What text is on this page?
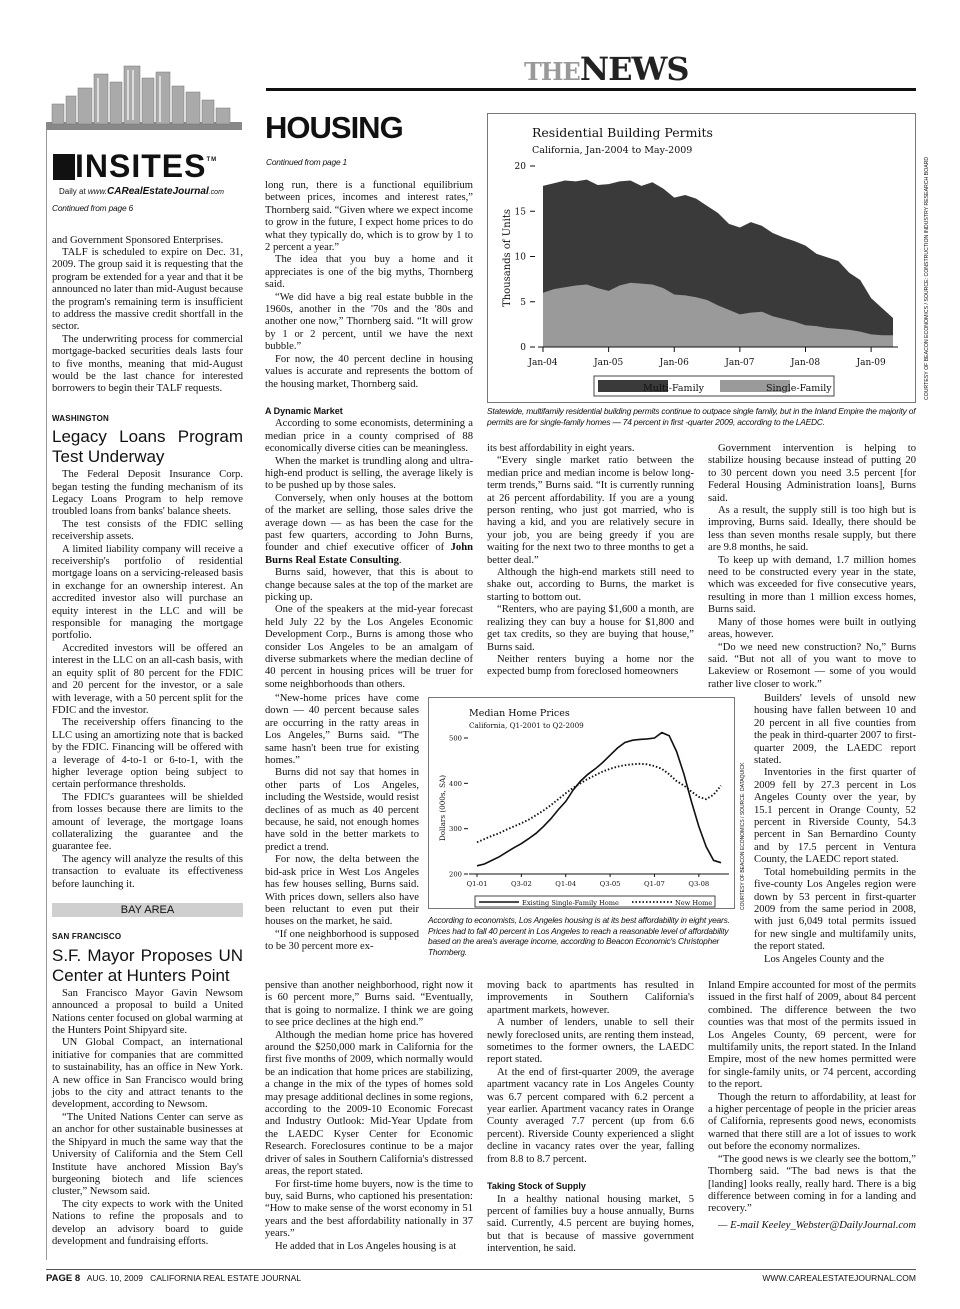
THENEWS
INSITES™
Daily at www.CARealEstateJournal.com
Continued from page 6

and Government Sponsored Enterprises.

TALF is scheduled to expire on Dec. 31, 2009. The group said it is requesting that the program be extended for a year and that it be announced no later than mid-August because the program's remaining term is insufficient to address the massive credit shortfall in the sector.

The underwriting process for commercial mortgage-backed securities deals lasts four to five months, meaning that mid-August would be the last chance for interested borrowers to begin their TALF requests.

WASHINGTON
Legacy Loans Program Test Underway

The Federal Deposit Insurance Corp. began testing the funding mechanism of its Legacy Loans Program to help remove troubled loans from banks' balance sheets.

The test consists of the FDIC selling receivership assets.

A limited liability company will receive a receivership's portfolio of residential mortgage loans on a servicing-released basis in exchange for an ownership interest. An accredited investor also will purchase an equity interest in the LLC and will be responsible for managing the mortgage portfolio.

Accredited investors will be offered an interest in the LLC on an all-cash basis, with an equity split of 80 percent for the FDIC and 20 percent for the investor, or a sale with leverage, with a 50 percent split for the FDIC and the investor.

The receivership offers financing to the LLC using an amortizing note that is backed by the FDIC. Financing will be offered with a leverage of 4-to-1 or 6-to-1, with the higher leverage option being subject to certain performance thresholds.

The FDIC's guarantees will be shielded from losses because there are limits to the amount of leverage, the mortgage loans collateralizing the guarantee and the guarantee fee.

The agency will analyze the results of this transaction to evaluate its effectiveness before launching it.

BAY AREA
SAN FRANCISCO
S.F. Mayor Proposes UN Center at Hunters Point

San Francisco Mayor Gavin Newsom announced a proposal to build a United Nations center focused on global warming at the Hunters Point Shipyard site.

UN Global Compact, an international initiative for companies that are committed to sustainability, has an office in New York. A new office in San Francisco would bring jobs to the city and attract tenants to the development, according to Newsom.

“The United Nations Center can serve as an anchor for other sustainable businesses at the Shipyard in much the same way that the University of California and the Stem Cell Institute have anchored Mission Bay's burgeoning biotech and life sciences cluster,” Newsom said.

The city expects to work with the United Nations to refine the proposals and to develop an advisory board to guide development and fundraising efforts.

HOUSING
Continued from page 1

long run, there is a functional equilibrium between prices, incomes and interest rates,” Thornberg said. “Given where we expect income to grow in the future, I expect home prices to do what they typically do, which is to grow by 1 to 2 percent a year.”

The idea that you buy a home and it appreciates is one of the big myths, Thornberg said.

“We did have a big real estate bubble in the 1960s, another in the '70s and the '80s and another one now,” Thornberg said. “It will grow by 1 or 2 percent, until we have the next bubble.”

For now, the 40 percent decline in housing values is accurate and represents the bottom of the housing market, Thornberg said.

A Dynamic Market

According to some economists, determining a median price in a county comprised of 88 economically diverse cities can be meaningless.

When the market is trundling along and ultra-high-end product is selling, the average likely is to be pushed up by those sales.

Conversely, when only houses at the bottom of the market are selling, those sales drive the average down — as has been the case for the past few quarters, according to John Burns, founder and chief executive officer of John Burns Real Estate Consulting.

Burns said, however, that this is about to change because sales at the top of the market are picking up.

One of the speakers at the mid-year forecast held July 22 by the Los Angeles Economic Development Corp., Burns is among those who consider Los Angeles to be an amalgam of diverse submarkets where the median decline of 40 percent in housing prices will be truer for some neighborhoods than others.

“New-home prices have come down — 40 percent because sales are occurring in the ratty areas in Los Angeles,” Burns said. “The same hasn't been true for existing homes.”

Burns did not say that homes in other parts of Los Angeles, including the Westside, would resist declines of as much as 40 percent because, he said, not enough homes have sold in the better markets to predict a trend.

For now, the delta between the bid-ask price in West Los Angeles has few houses selling, Burns said. With prices down, sellers also have been reluctant to even put their houses on the market, he said.

“If one neighborhood is supposed to be 30 percent more ex-

pensive than another neighborhood, right now it is 60 percent more,” Burns said. “Eventually, that is going to normalize. I think we are going to see price declines at the high end.”

Although the median home price has hovered around the $250,000 mark in California for the first five months of 2009, which normally would be an indication that home prices are stabilizing, a change in the mix of the types of homes sold may presage additional declines in some regions, according to the 2009-10 Economic Forecast and Industry Outlook: Mid-Year Update from the LAEDC Kyser Center for Economic Research. Foreclosures continue to be a major driver of sales in Southern California's distressed areas, the report stated.

For first-time home buyers, now is the time to buy, said Burns, who captioned his presentation: “How to make sense of the worst economy in 51 years and the best affordability nationally in 37 years.”

He added that in Los Angeles housing is at

Residential Building Permits
California, Jan-2004 to May-2009
Thousands of Units
0
5
10
15
20
Jan-04	Jan-05	Jan-06	Jan-07	Jan-08	Jan-09
Multi-Family	Single-Family	COURTESY OF BEACON ECONOMICS / SOURCE: CONSTRUCTION INDUSTRY RESEARCH BOARD
Statewide, multifamily residential building permits continue to outpace single family, but in the Inland Empire the majority of permits are for single-family homes — 74 percent in first -quarter 2009, according to the LAEDC.

its best affordability in eight years.

“Every single market ratio between the median price and median income is below long-term trends,” Burns said. “It is currently running at 26 percent affordability. If you are a young person renting, who just got married, who is having a kid, and you are relatively secure in your job, you are being greedy if you are waiting for the next two to three months to get a better deal.”

Although the high-end markets still need to shake out, according to Burns, the market is starting to bottom out.

“Renters, who are paying $1,600 a month, are realizing they can buy a house for $1,800 and get tax credits, so they are buying that house,” Burns said.

Neither renters buying a home nor the expected bump from foreclosed homeowners

Median Home Prices
California, Q1-2001 to Q2-2009
Dollars (000s, SA)
200
300
400
500
Q1-01	Q3-02	Q1-04	Q3-05	Q1-07	Q3-08
Existing Single-Family Home	New Home	COURTESY OF BEACON ECONOMICS / SOURCE: DATAQUICK
According to economists, Los Angeles housing is at its best affordability in eight years. Prices had to fall 40 percent in Los Angeles to reach a reasonable level of affordability based on the area's average income, according to Beacon Economic's Christopher Thornberg.

moving back to apartments has resulted in improvements in Southern California's apartment markets, however.

A number of lenders, unable to sell their newly foreclosed units, are renting them instead, sometimes to the former owners, the LAEDC report stated.

At the end of first-quarter 2009, the average apartment vacancy rate in Los Angeles County was 6.7 percent compared with 6.2 percent a year earlier. Apartment vacancy rates in Orange County averaged 7.7 percent (up from 6.6 percent). Riverside County experienced a slight decline in vacancy rates over the year, falling from 8.8 to 8.7 percent.

Taking Stock of Supply

In a healthy national housing market, 5 percent of families buy a house annually, Burns said. Currently, 4.5 percent are buying homes, but that is because of massive government intervention, he said.

Government intervention is helping to stabilize housing because instead of putting 20 to 30 percent down you need 3.5 percent [for Federal Housing Administration loans], Burns said.

As a result, the supply still is too high but is improving, Burns said. Ideally, there should be less than seven months resale supply, but there are 9.8 months, he said.

To keep up with demand, 1.7 million homes need to be constructed every year in the state, which was exceeded for five consecutive years, resulting in more than 1 million excess homes, Burns said.

Many of those homes were built in outlying areas, however.

“Do we need new construction? No,” Burns said. “But not all of you want to move to Lakeview or Rosemont — some of you would rather live closer to work.”

Builders' levels of unsold new housing have fallen between 10 and 20 percent in all five counties from the peak in third-quarter 2007 to first-quarter 2009, the LAEDC report stated.

Inventories in the first quarter of 2009 fell by 27.3 percent in Los Angeles County over the year, by 15.1 percent in Orange County, 52 percent in Riverside County, 54.3 percent in San Bernardino County and by 17.5 percent in Ventura County, the LAEDC report stated.

Total homebuilding permits in the five-county Los Angeles region were down by 53 percent in first-quarter 2009 from the same period in 2008, with just 6,049 total permits issued for new single and multifamily units, the report stated.

Los Angeles County and the

Inland Empire accounted for most of the permits issued in the first half of 2009, about 84 percent combined. The difference between the two counties was that most of the permits issued in Los Angeles County, 69 percent, were for multifamily units, the report stated. In the Inland Empire, most of the new homes permitted were for single-family units, or 74 percent, according to the report.

Though the return to affordability, at least for a higher percentage of people in the pricier areas of California, represents good news, economists warned that there still are a lot of issues to work out before the economy normalizes.

“The good news is we clearly see the bottom,” Thornberg said. “The bad news is that the [landing] looks really, really hard. There is a big difference between coming in for a landing and recovery.”

— E-mail Keeley_Webster@DailyJournal.com

PAGE 8 AUG. 10, 2009 CALIFORNIA REAL ESTATE JOURNAL	WWW.CAREALESTATEJOURNAL.COM
